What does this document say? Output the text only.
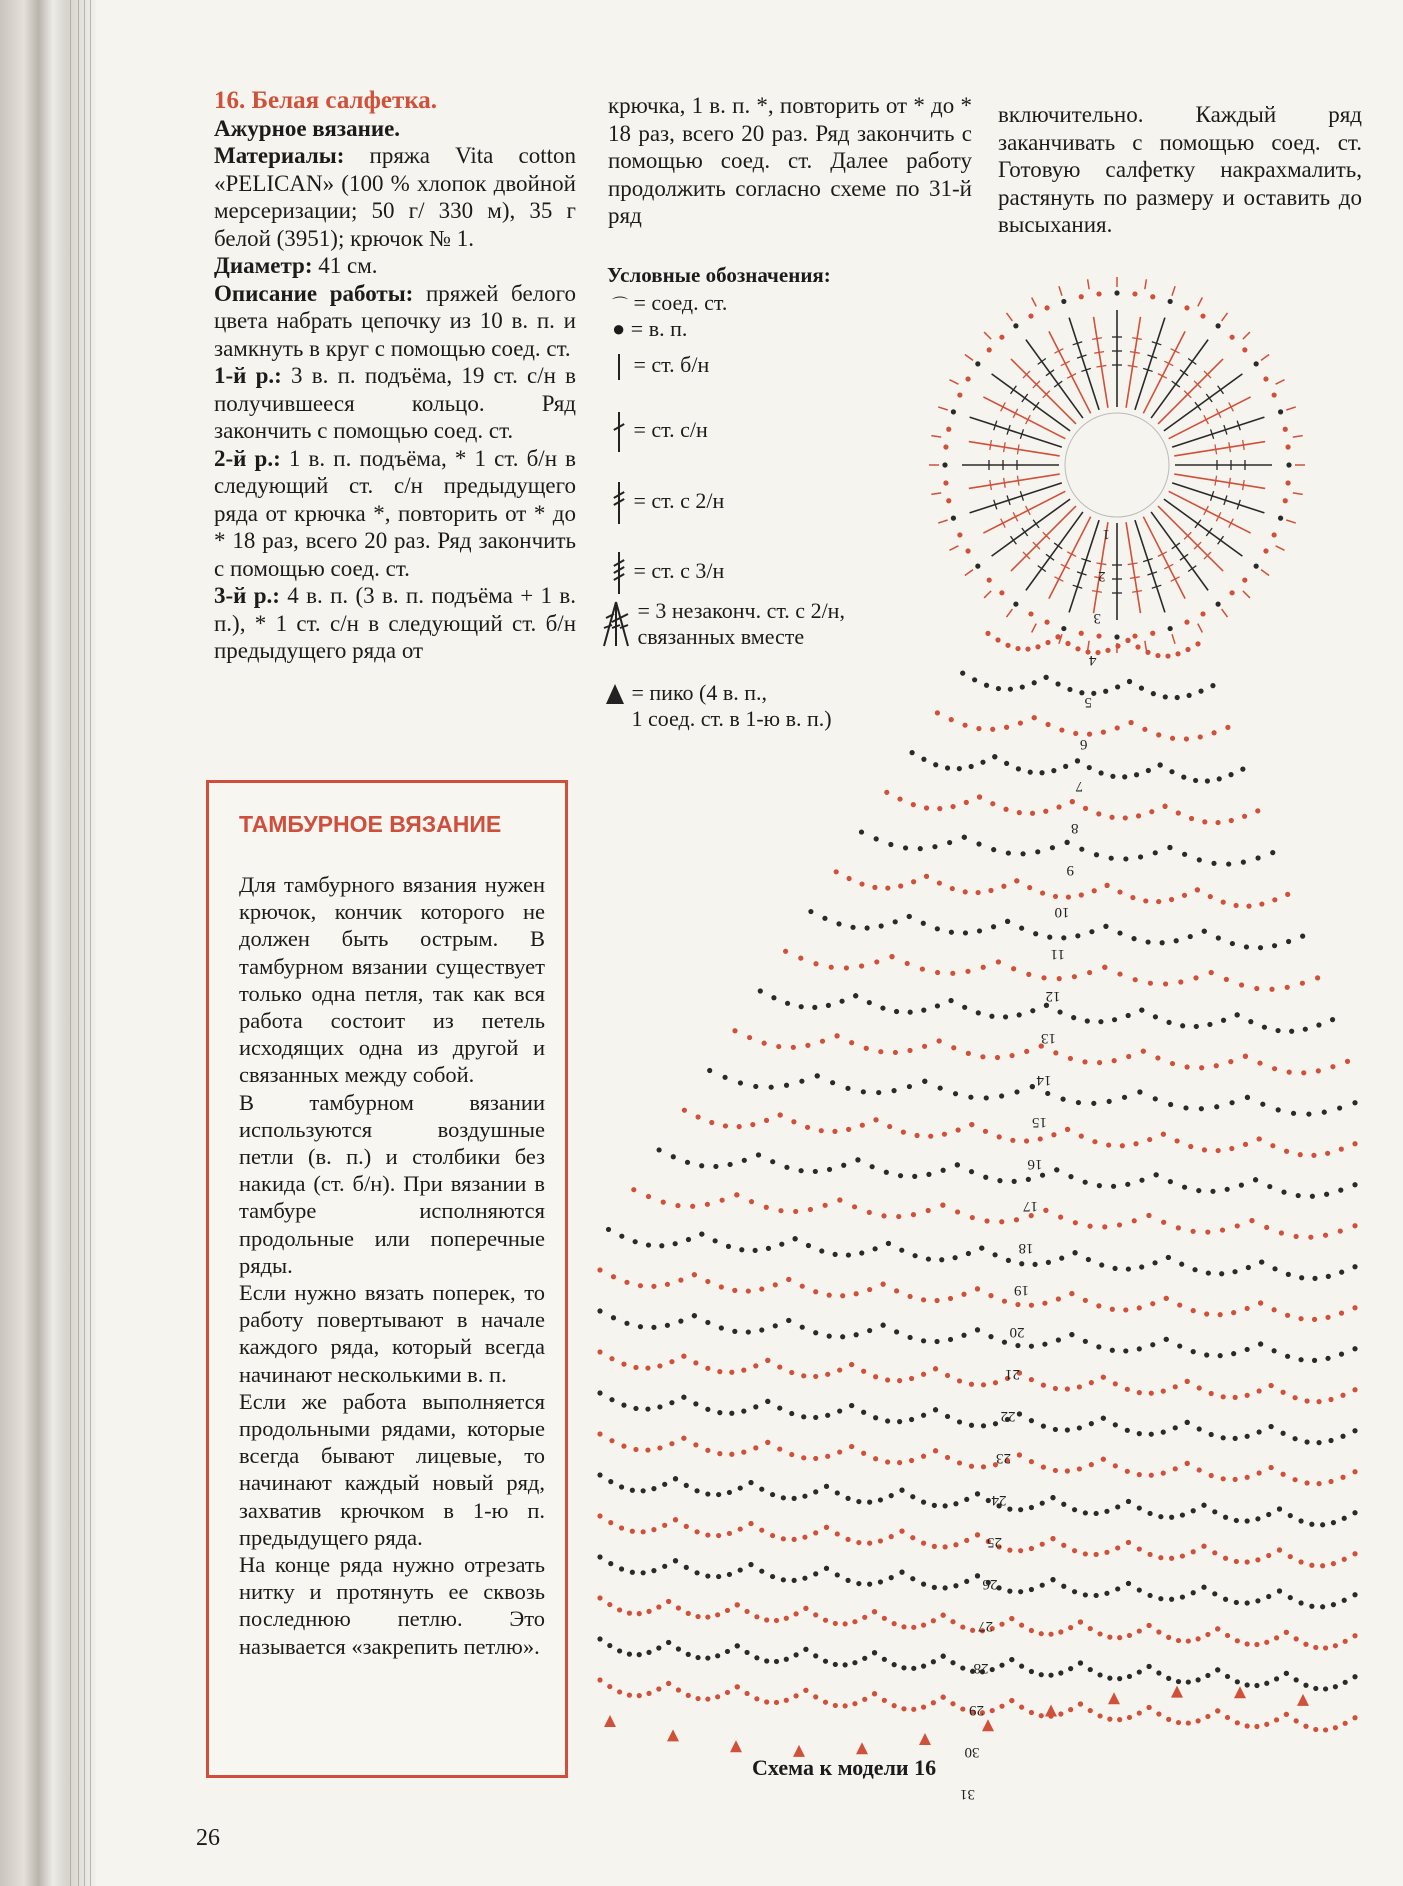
16. Белая салфетка.

Ажурное вязание.

Материалы: пряжа Vita cotton «PELICAN» (100 % хлопок двойной мерсеризации; 50 г/ 330 м), 35 г белой (3951); крючок № 1.

Диаметр: 41 см.

Описание работы: пряжей белого цвета набрать цепочку из 10 в. п. и замкнуть в круг с помощью соед. ст.

1-й р.: 3 в. п. подъёма, 19 ст. с/н в получившееся кольцо. Ряд закончить с помощью соед. ст.

2-й р.: 1 в. п. подъёма, * 1 ст. б/н в следующий ст. с/н предыдущего ряда от крючка *, повторить от * до * 18 раз, всего 20 раз. Ряд закончить с помощью соед. ст.

3-й р.: 4 в. п. (3 в. п. подъёма + 1 в. п.), * 1 ст. с/н в следующий ст. б/н предыдущего ряда от

крючка, 1 в. п. *, повторить от * до * 18 раз, всего 20 раз. Ряд закончить с помощью соед. ст. Далее работу продолжить согласно схеме по 31-й ряд

включительно. Каждый ряд заканчивать с помощью соед. ст. Готовую салфетку накрахмалить, растянуть по размеру и оставить до высыхания.

Условные обозначения:
⌒ = соед. ст.
● = в. п.
= ст. б/н
= ст. с/н
= ст. с 2/н
= ст. с 3/н
= 3 незаконч. ст. с 2/н,
связанных вместе
= пико (4 в. п.,
1 соед. ст. в 1-ю в. п.)
ТАМБУРНОЕ ВЯЗАНИЕ

Для тамбурного вязания нужен крючок, кончик которого не должен быть острым. В тамбурном вязании существует только одна петля, так как вся работа состоит из петель исходящих одна из другой и связанных между собой.

В тамбурном вязании используются воздушные петли (в. п.) и столбики без накида (ст. б/н). При вязании в тамбуре исполняются продольные или поперечные ряды.

Если нужно вязать поперек, то работу повертывают в начале каждого ряда, который всегда начинают несколькими в. п.

Если же работа выполняется продольными рядами, которые всегда бывают лицевые, то начинают каждый новый ряд, захватив крючком в 1-ю п. предыдущего ряда.

На конце ряда нужно отрезать нитку и протянуть ее сквозь последнюю петлю. Это называется «закрепить петлю».

1
2
3
4
5
6
7
8
9
10
11
12
13
14
15
16
17
18
19
20
21
22
23
24
25
26
27
28
29
30
31
Схема к модели 16
26
